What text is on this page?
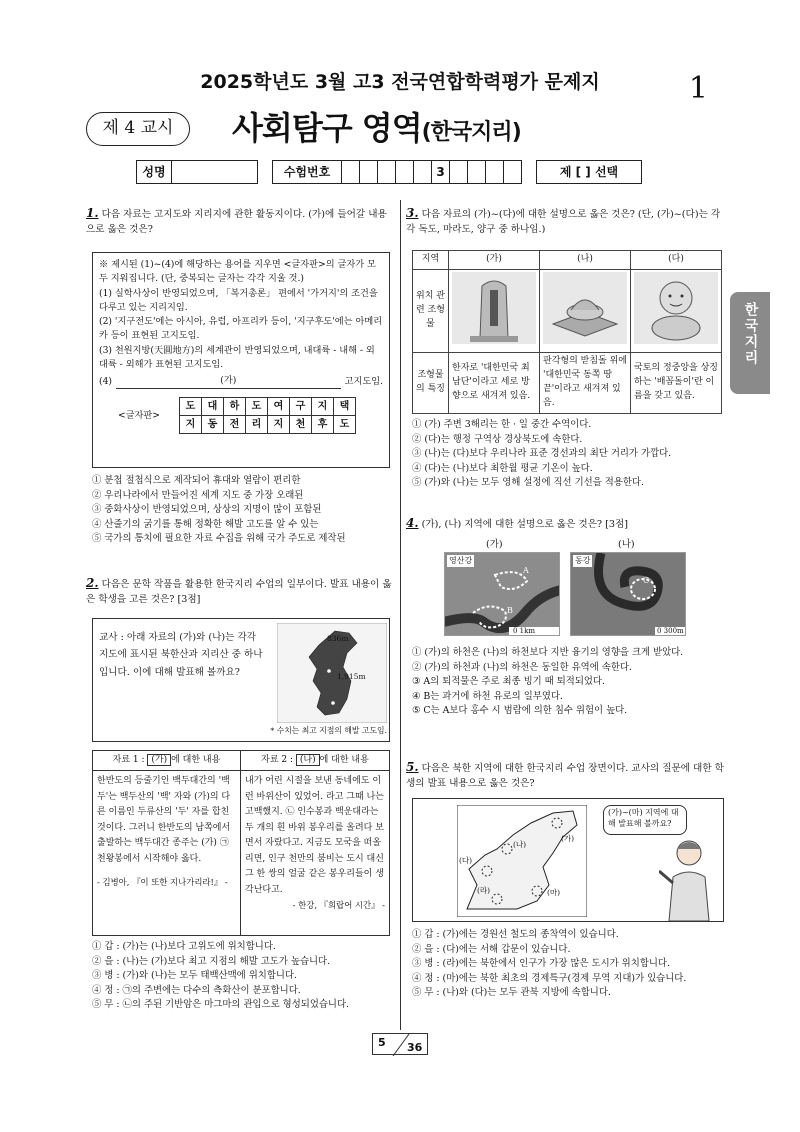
2025학년도 3월 고3 전국연합학력평가 문제지	1
제 4 교시	사회탐구 영역(한국지리)
성명	수험번호	3	제 [ ] 선택
한국지리
1. 다음 자료는 고지도와 지리지에 관한 활동지이다. (가)에 들어갈 내용으로 옳은 것은?
※ 제시된 (1)~(4)에 해당하는 용어를 지우면 <글자판>의 글자가 모두 지워집니다. (단, 중복되는 글자는 각각 지울 것.)
(1) 실학사상이 반영되었으며, 「복거총론」 편에서 '가거지'의 조건을 다루고 있는 지리지임.
(2) '지구전도'에는 아시아, 유럽, 아프리카 등이, '지구후도'에는 아메리카 등이 표현된 고지도임.
(3) 천원지방(天圓地方)의 세계관이 반영되었으며, 내대륙 - 내해 - 외대륙 - 외해가 표현된 고지도임.
(4)	(가)	고지도임.
<글자판>
도	대	하	도	여	구	지	택
지	동	전	리	지	천	후	도
① 분첩 절첩식으로 제작되어 휴대와 열람이 편리한
② 우리나라에서 만들어진 세계 지도 중 가장 오래된
③ 중화사상이 반영되었으며, 상상의 지명이 많이 포함된
④ 산줄기의 굵기를 통해 정확한 해발 고도를 알 수 있는
⑤ 국가의 통치에 필요한 자료 수집을 위해 국가 주도로 제작된
2. 다음은 문학 작품을 활용한 한국지리 수업의 일부이다. 발표 내용이 옳은 학생을 고른 것은? [3점]
교사 : 아래 자료의 (가)와 (나)는 각각 지도에 표시된 북한산과 지리산 중 하나입니다. 이에 대해 발표해 볼까요?
836m
1,915m
* 수치는 최고 지점의 해발 고도임.
자료 1 : (가) 에 대한 내용
한반도의 등줄기인 백두대간의 '백두'는 백두산의 '백' 자와 (가)의 다른 이름인 두류산의 '두' 자를 합친 것이다. 그러니 한반도의 남쪽에서 출발하는 백두대간 종주는 (가) ㉠ 천왕봉에서 시작해야 옳다.
- 김병아, 『이 또한 지나가리라!』 -
자료 2 : (나) 에 대한 내용
내가 어린 시절을 보낸 동네에도 이런 바위산이 있었어. 라고 그때 나는 고백했지. ㉡ 인수봉과 백운대라는 두 개의 흰 바위 봉우리를 올려다 보면서 자랐다고. 지금도 모국을 떠올리면, 인구 천만의 붐비는 도시 대신 그 한 쌍의 얼굴 같은 봉우리들이 생각난다고.
- 한강, 『희랍어 시간』 -
① 갑 : (가)는 (나)보다 고위도에 위치합니다.
② 을 : (나)는 (가)보다 최고 지점의 해발 고도가 높습니다.
③ 병 : (가)와 (나)는 모두 태백산맥에 위치합니다.
④ 정 : ㉠의 주변에는 다수의 측화산이 분포합니다.
⑤ 무 : ㉡의 주된 기반암은 마그마의 관입으로 형성되었습니다.
3. 다음 자료의 (가)~(다)에 대한 설명으로 옳은 것은? (단, (가)~(다)는 각각 독도, 마라도, 양구 중 하나임.)
지역	(가)	(나)	(다)
위치 관련 조형물			
조형물의 특징	한자로 '대한민국 최남단'이라고 세로 방향으로 새겨져 있음.	판각형의 받침돌 위에 '대한민국 동쪽 땅끝'이라고 새겨져 있음.	국토의 정중앙을 상징하는 '배꼽돌이'란 이름을 갖고 있음.
① (가) 주변 3해리는 한 · 일 중간 수역이다.
② (다)는 행정 구역상 경상북도에 속한다.
③ (나)는 (다)보다 우리나라 표준 경선과의 최단 거리가 가깝다.
④ (다)는 (나)보다 최한월 평균 기온이 높다.
⑤ (가)와 (나)는 모두 영해 설정에 직선 기선을 적용한다.
4. (가), (나) 지역에 대한 설명으로 옳은 것은? [3점]
(가)	(나)
영산강
A
B
0 1km
동강
C
0 300m
① (가)의 하천은 (나)의 하천보다 지반 융기의 영향을 크게 받았다.
② (가)의 하천과 (나)의 하천은 동일한 유역에 속한다.
③ A의 퇴적물은 주로 최종 빙기 때 퇴적되었다.
④ B는 과거에 하천 유로의 일부였다.
⑤ C는 A보다 홍수 시 범람에 의한 침수 위험이 높다.
5. 다음은 북한 지역에 대한 한국지리 수업 장면이다. 교사의 질문에 대한 학생의 발표 내용으로 옳은 것은?
(가)
(나)
(다)
(라)	(마)
(가)~(마) 지역에 대해 발표해 볼까요?
① 갑 : (가)에는 경원선 철도의 종착역이 있습니다.
② 을 : (다)에는 서해 갑문이 있습니다.
③ 병 : (라)에는 북한에서 인구가 가장 많은 도시가 위치합니다.
④ 정 : (마)에는 북한 최초의 경제특구(경제 무역 지대)가 있습니다.
⑤ 무 : (나)와 (다)는 모두 관북 지방에 속합니다.
5 36
